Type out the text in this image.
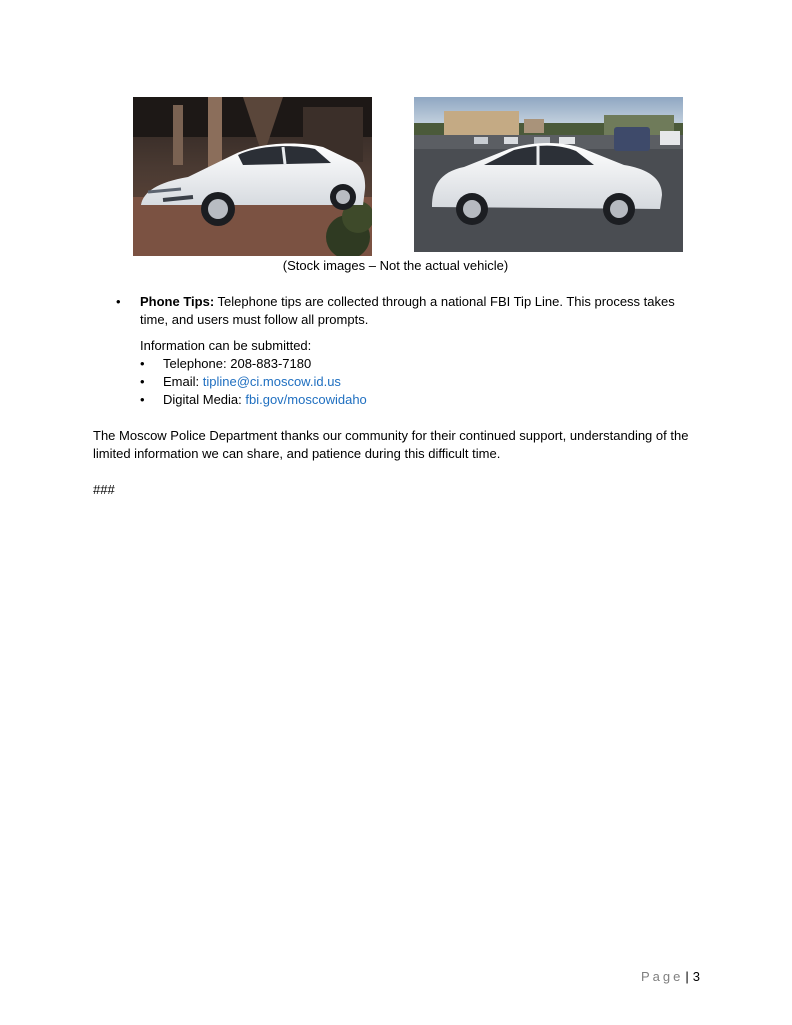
(Stock images – Not the actual vehicle)
•	Phone Tips: Telephone tips are collected through a national FBI Tip Line. This process takes time, and users must follow all prompts.
Information can be submitted:
• Telephone: 208-883-7180
• Email: tipline@ci.moscow.id.us
• Digital Media: fbi.gov/moscowidaho
The Moscow Police Department thanks our community for their continued support, understanding of the limited information we can share, and patience during this difficult time.
###
Page | 3
